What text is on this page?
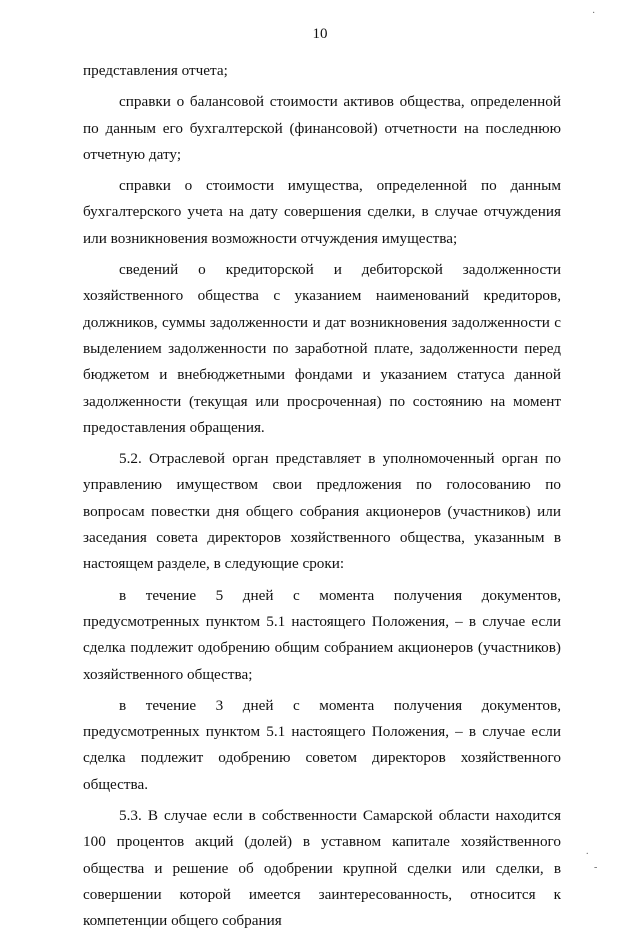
10

представления отчета;

справки о балансовой стоимости активов общества, определенной по данным его бухгалтерской (финансовой) отчетности на последнюю отчетную дату;

справки о стоимости имущества, определенной по данным бухгалтерского учета на дату совершения сделки, в случае отчуждения или возникновения возможности отчуждения имущества;

сведений о кредиторской и дебиторской задолженности хозяйственного общества с указанием наименований кредиторов, должников, суммы задолженности и дат возникновения задолженности с выделением задолженности по заработной плате, задолженности перед бюджетом и внебюджетными фондами и указанием статуса данной задолженности (текущая или просроченная) по состоянию на момент предоставления обращения.

5.2. Отраслевой орган представляет в уполномоченный орган по управлению имуществом свои предложения по голосованию по вопросам повестки дня общего собрания акционеров (участников) или заседания совета директоров хозяйственного общества, указанным в настоящем разделе, в следующие сроки:

в течение 5 дней с момента получения документов, предусмотренных пунктом 5.1 настоящего Положения, – в случае если сделка подлежит одобрению общим собранием акционеров (участников) хозяйственного общества;

в течение 3 дней с момента получения документов, предусмотренных пунктом 5.1 настоящего Положения, – в случае если сделка подлежит одобрению советом директоров хозяйственного общества.

5.3. В случае если в собственности Самарской области находится 100 процентов акций (долей) в уставном капитале хозяйственного общества и решение об одобрении крупной сделки или сделки, в совершении которой имеется заинтересованность, относится к компетенции общего собрания

·
.
-
